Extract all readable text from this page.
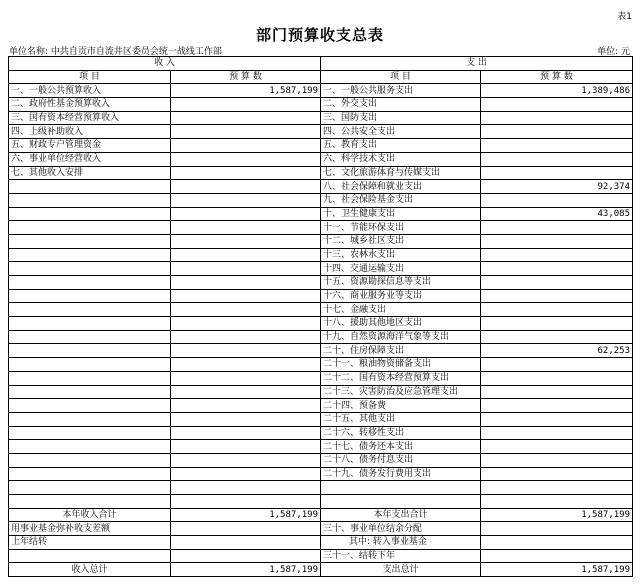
表1
部门预算收支总表
单位名称: 中共自贡市自流井区委员会统一战线工作部	单位: 元
收 入		支 出	
项 目	预 算 数	项 目	预 算 数
一、一般公共预算收入	1,587,199	一、一般公共服务支出	1,389,486
二、政府性基金预算收入		二、外交支出	
三、国有资本经营预算收入		三、国防支出	
四、上级补助收入		四、公共安全支出	
五、财政专户管理资金		五、教育支出	
六、事业单位经营收入		六、科学技术支出	
七、其他收入安排		七、文化旅游体育与传媒支出	
		八、社会保障和就业支出	92,374
		九、社会保险基金支出	
		十、卫生健康支出	43,085
		十一、节能环保支出	
		十二、城乡社区支出	
		十三、农林水支出	
		十四、交通运输支出	
		十五、资源勘探信息等支出	
		十六、商业服务业等支出	
		十七、金融支出	
		十八、援助其他地区支出	
		十九、自然资源海洋气象等支出	
		二十、住房保障支出	62,253
		二十一、粮油物资储备支出	
		二十二、国有资本经营预算支出	
		二十三、灾害防治及应急管理支出	
		二十四、预备费	
		二十五、其他支出	
		二十六、转移性支出	
		二十七、债务还本支出	
		二十八、债务付息支出	
		二十九、债务发行费用支出	

本年收入合计	1,587,199	本年支出合计	1,587,199
用事业基金弥补收支差额		三十、事业单位结余分配	
上年结转		其中: 转入事业基金	
		三十一、结转下年	
收入总计	1,587,199	支出总计	1,587,199
